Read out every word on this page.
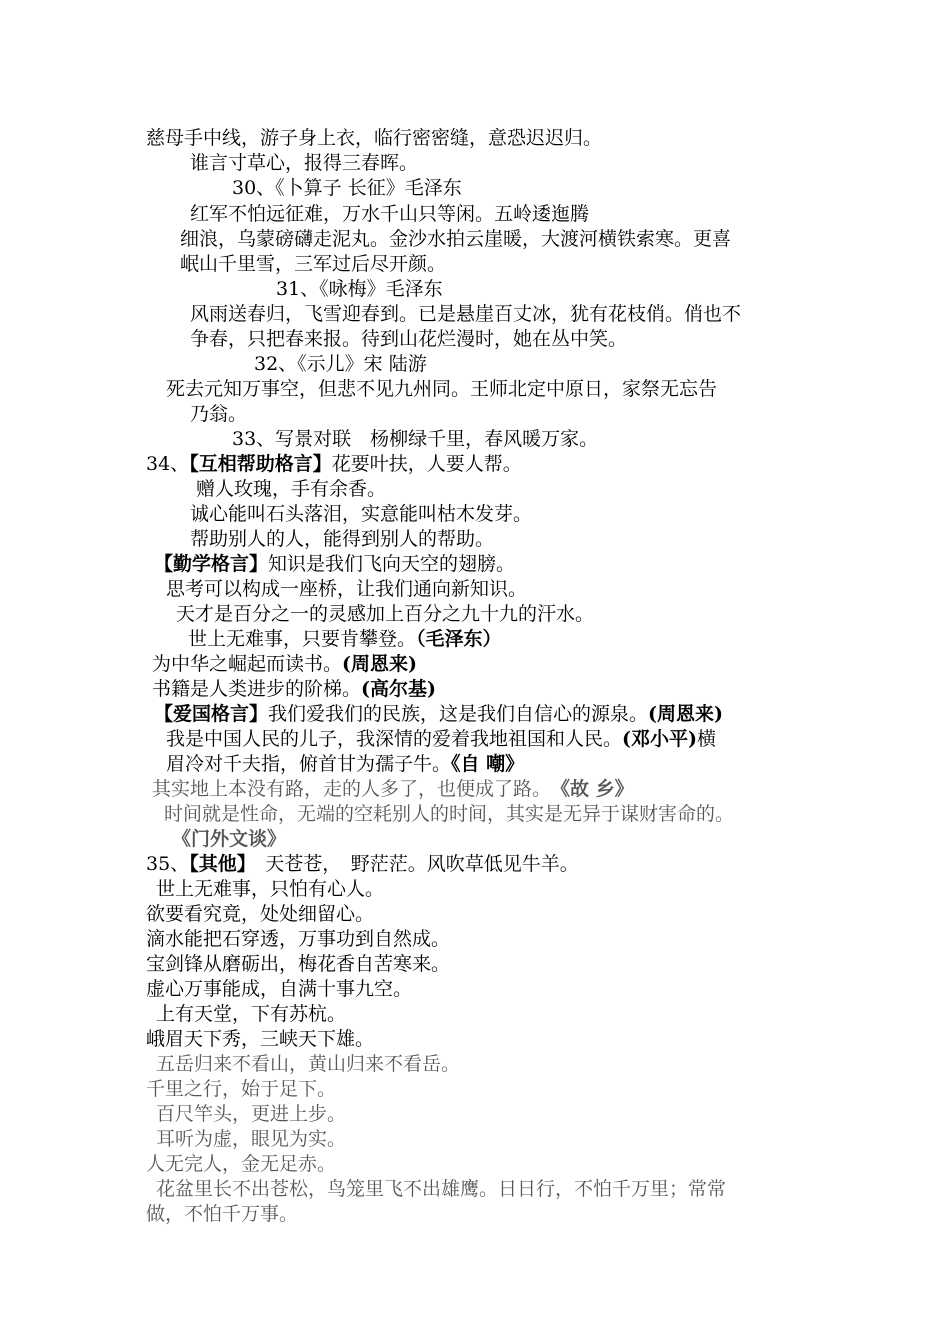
慈母手中线，游子身上衣，临行密密缝，意恐迟迟归。
谁言寸草心，报得三春晖。
30、《卜算子 长征》毛泽东
红军不怕远征难，万水千山只等闲。五岭逶迤腾
细浪，乌蒙磅礴走泥丸。金沙水拍云崖暖，大渡河横铁索寒。更喜
岷山千里雪，三军过后尽开颜。
31、《咏梅》毛泽东
风雨送春归，飞雪迎春到。已是悬崖百丈冰，犹有花枝俏。俏也不
争春，只把春来报。待到山花烂漫时，她在丛中笑。
32、《示儿》宋 陆游
死去元知万事空，但悲不见九州同。王师北定中原日，家祭无忘告
乃翁。
33、写景对联　杨柳绿千里，春风暖万家。
34、【互相帮助格言】花要叶扶，人要人帮。
赠人玫瑰，手有余香。
诚心能叫石头落泪，实意能叫枯木发芽。
帮助别人的人，能得到别人的帮助。
【勤学格言】知识是我们飞向天空的翅膀。
思考可以构成一座桥，让我们通向新知识。
天才是百分之一的灵感加上百分之九十九的汗水。
世上无难事，只要肯攀登。（毛泽东）
为中华之崛起而读书。(周恩来)
书籍是人类进步的阶梯。(高尔基)
【爱国格言】我们爱我们的民族，这是我们自信心的源泉。(周恩来)
我是中国人民的儿子，我深情的爱着我地祖国和人民。(邓小平)横
眉冷对千夫指，俯首甘为孺子牛。《自 嘲》
其实地上本没有路，走的人多了，也便成了路。　 《故 乡》
时间就是性命，无端的空耗别人的时间，其实是无异于谋财害命的。
《门外文谈》
35、【其他】　天苍苍，　野茫茫。风吹草低见牛羊。
世上无难事，只怕有心人。
欲要看究竟，处处细留心。
滴水能把石穿透，万事功到自然成。
宝剑锋从磨砺出，梅花香自苦寒来。
虚心万事能成，自满十事九空。
上有天堂，下有苏杭。
峨眉天下秀，三峡天下雄。
五岳归来不看山，黄山归来不看岳。
千里之行，始于足下。
百尺竿头，更进上步。
耳听为虚，眼见为实。
人无完人，金无足赤。
花盆里长不出苍松，鸟笼里飞不出雄鹰。日日行，不怕千万里；常常
做，不怕千万事。
